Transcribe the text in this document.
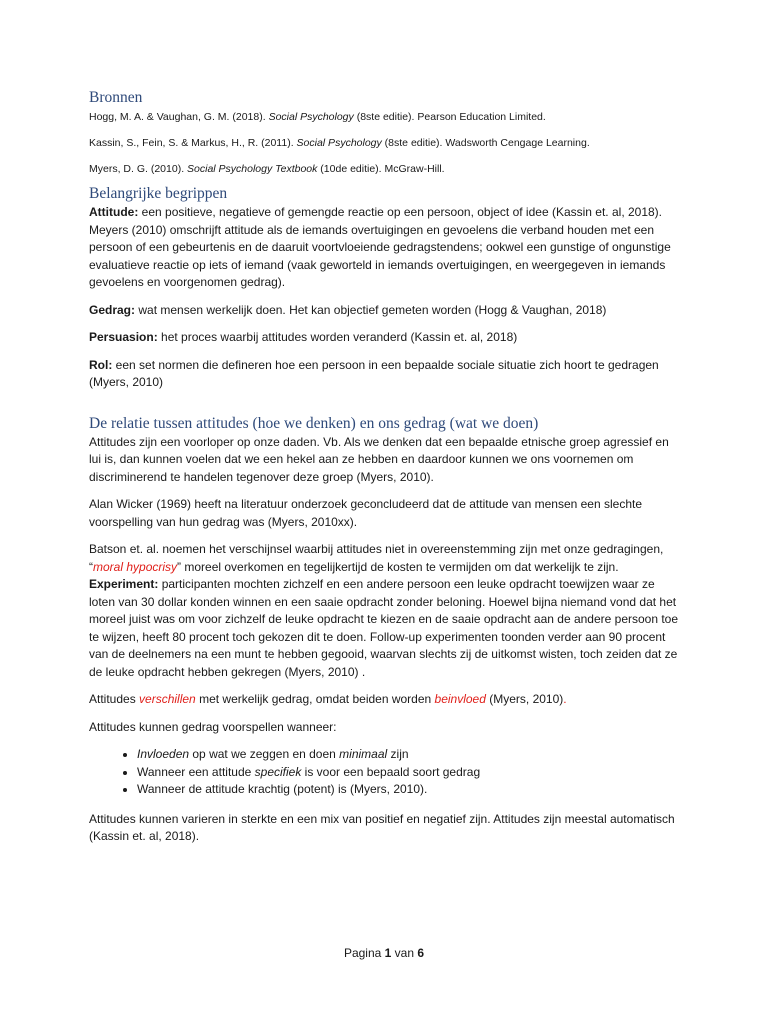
Bronnen

Hogg, M. A. & Vaughan, G. M. (2018). Social Psychology (8ste editie). Pearson Education Limited.

Kassin, S., Fein, S. & Markus, H., R. (2011). Social Psychology (8ste editie). Wadsworth Cengage Learning.

Myers, D. G. (2010). Social Psychology Textbook (10de editie). McGraw-Hill.

Belangrijke begrippen

Attitude: een positieve, negatieve of gemengde reactie op een persoon, object of idee (Kassin et. al, 2018).

Meyers (2010) omschrijft attitude als de iemands overtuigingen en gevoelens die verband houden met een persoon of een gebeurtenis en de daaruit voortvloeiende gedragstendens; ookwel een gunstige of ongunstige evaluatieve reactie op iets of iemand (vaak geworteld in iemands overtuigingen, en weergegeven in iemands gevoelens en voorgenomen gedrag).

Gedrag: wat mensen werkelijk doen. Het kan objectief gemeten worden (Hogg & Vaughan, 2018)

Persuasion: het proces waarbij attitudes worden veranderd (Kassin et. al, 2018)

Rol: een set normen die defineren hoe een persoon in een bepaalde sociale situatie zich hoort te gedragen (Myers, 2010)

De relatie tussen attitudes (hoe we denken) en ons gedrag (wat we doen)

Attitudes zijn een voorloper op onze daden. Vb. Als we denken dat een bepaalde etnische groep agressief en lui is, dan kunnen voelen dat we een hekel aan ze hebben en daardoor kunnen we ons voornemen om discriminerend te handelen tegenover deze groep (Myers, 2010).

Alan Wicker (1969) heeft na literatuur onderzoek geconcludeerd dat de attitude van mensen een slechte voorspelling van hun gedrag was (Myers, 2010xx).

Batson et. al. noemen het verschijnsel waarbij attitudes niet in overeenstemming zijn met onze gedragingen, “moral hypocrisy” moreel overkomen en tegelijkertijd de kosten te vermijden om dat werkelijk te zijn. Experiment: participanten mochten zichzelf en een andere persoon een leuke opdracht toewijzen waar ze loten van 30 dollar konden winnen en een saaie opdracht zonder beloning. Hoewel bijna niemand vond dat het moreel juist was om voor zichzelf de leuke opdracht te kiezen en de saaie opdracht aan de andere persoon toe te wijzen, heeft 80 procent toch gekozen dit te doen. Follow-up experimenten toonden verder aan 90 procent van de deelnemers na een munt te hebben gegooid, waarvan slechts zij de uitkomst wisten, toch zeiden dat ze de leuke opdracht hebben gekregen (Myers, 2010) .

Attitudes verschillen met werkelijk gedrag, omdat beiden worden beinvloed (Myers, 2010).

Attitudes kunnen gedrag voorspellen wanneer:

• Invloeden op wat we zeggen en doen minimaal zijn
• Wanneer een attitude specifiek is voor een bepaald soort gedrag
• Wanneer de attitude krachtig (potent) is (Myers, 2010).

Attitudes kunnen varieren in sterkte en een mix van positief en negatief zijn. Attitudes zijn meestal automatisch (Kassin et. al, 2018).

Pagina 1 van 6
